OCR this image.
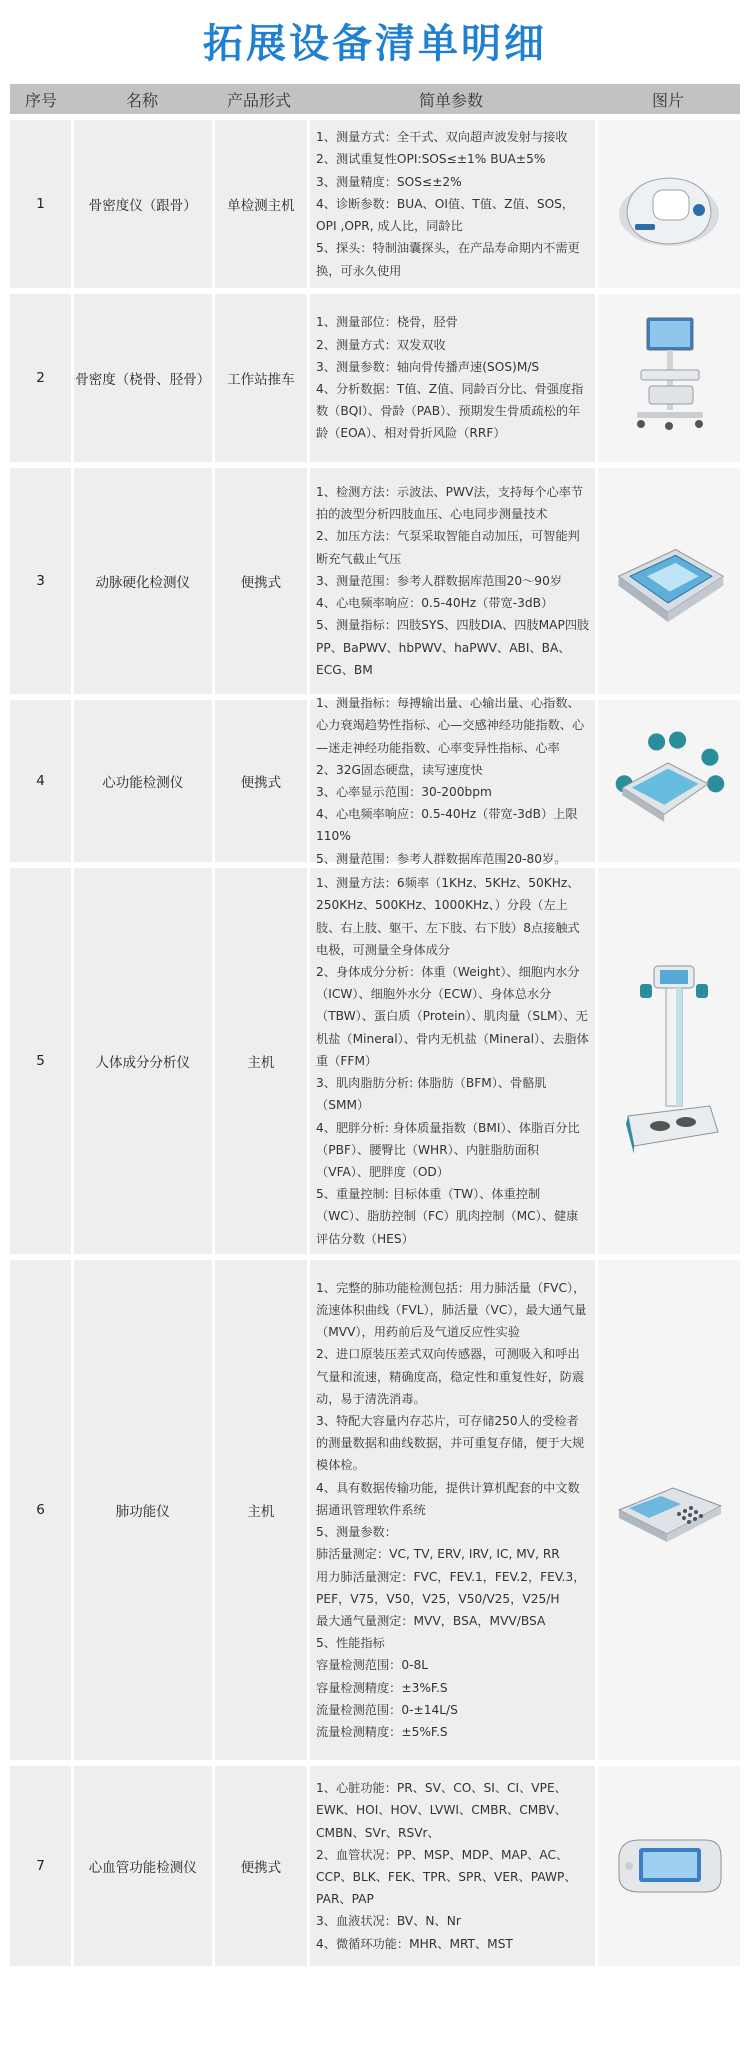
拓展设备清单明细
序号	名称	产品形式	简单参数	图片
1	骨密度仪（跟骨）	单检测主机
1、测量方式：全干式、双向超声波发射与接收
2、测试重复性OPI:SOS≤±1% BUA±5%
3、测量精度：SOS≤±2%
4、诊断参数：BUA、OI值、T值、Z值、SOS，OPI ,OPR, 成人比，同龄比
5、探头：特制油囊探头，在产品寿命期内不需更换，可永久使用
2	骨密度（桡骨、胫骨）	工作站推车
1、测量部位：桡骨，胫骨
2、测量方式：双发双收
3、测量参数：轴向骨传播声速(SOS)M/S
4、分析数据：T值、Z值、同龄百分比、骨强度指数（BQI）、骨龄（PAB）、预期发生骨质疏松的年龄（EOA）、相对骨折风险（RRF）
3	动脉硬化检测仪	便携式
1、检测方法：示波法、PWV法，支持每个心率节拍的波型分析四肢血压、心电同步测量技术
2、加压方法：气泵采取智能自动加压，可智能判断充气截止气压
3、测量范围：参考人群数据库范围20～90岁
4、心电频率响应：0.5-40Hz（带宽-3dB）
5、测量指标：四肢SYS、四肢DIA、四肢MAP四肢PP、BaPWV、hbPWV、haPWV、ABI、BA、ECG、BM
4	心功能检测仪	便携式
1、测量指标：每搏输出量、心输出量、心指数、心力衰竭趋势性指标、心—交感神经功能指数、心—迷走神经功能指数、心率变异性指标、心率
2、32G固态硬盘，读写速度快
3、心率显示范围：30-200bpm
4、心电频率响应：0.5-40Hz（带宽-3dB）上限110%
5、测量范围：参考人群数据库范围20-80岁。
5	人体成分分析仪	主机
1、测量方法：6频率（1KHz、5KHz、50KHz、250KHz、500KHz、1000KHz、）分段（左上肢、右上肢、躯干、左下肢、右下肢）8点接触式电极，可测量全身体成分
2、身体成分分析：体重（Weight）、细胞内水分（ICW）、细胞外水分（ECW）、身体总水分（TBW）、蛋白质（Protein）、肌肉量（SLM）、无机盐（Mineral）、骨内无机盐（Mineral）、去脂体重（FFM）
3、肌肉脂肪分析: 体脂肪（BFM）、骨骼肌（SMM）
4、肥胖分析: 身体质量指数（BMI）、体脂百分比（PBF）、腰臀比（WHR）、内脏脂肪面积（VFA）、肥胖度（OD）
5、重量控制: 目标体重（TW）、体重控制（WC）、脂肪控制（FC）肌肉控制（MC）、健康评估分数（HES）
6	肺功能仪	主机
1、完整的肺功能检测包括：用力肺活量（FVC），流速体积曲线（FVL），肺活量（VC），最大通气量（MVV），用药前后及气道反应性实验
2、进口原装压差式双向传感器，可测吸入和呼出气量和流速，精确度高，稳定性和重复性好，防震动，易于清洗消毒。
3、特配大容量内存芯片，可存储250人的受检者的测量数据和曲线数据，并可重复存储，便于大规模体检。
4、具有数据传输功能，提供计算机配套的中文数据通讯管理软件系统
5、测量参数：
肺活量测定：VC, TV, ERV, IRV, IC, MV, RR
用力肺活量测定：FVC，FEV.1，FEV.2，FEV.3，PEF，V75，V50，V25，V50/V25，V25/H
最大通气量测定：MVV，BSA，MVV/BSA
5、性能指标
容量检测范围：0-8L
容量检测精度：±3%F.S
流量检测范围：0-±14L/S
流量检测精度：±5%F.S
7	心血管功能检测仪	便携式
1、心脏功能：PR、SV、CO、SI、CI、VPE、EWK、HOI、HOV、LVWI、CMBR、CMBV、CMBN、SVr、RSVr、
2、血管状况：PP、MSP、MDP、MAP、AC、CCP、BLK、FEK、TPR、SPR、VER、PAWP、PAR、PAP
3、血液状况：BV、N、Nr
4、微循环功能：MHR、MRT、MST
